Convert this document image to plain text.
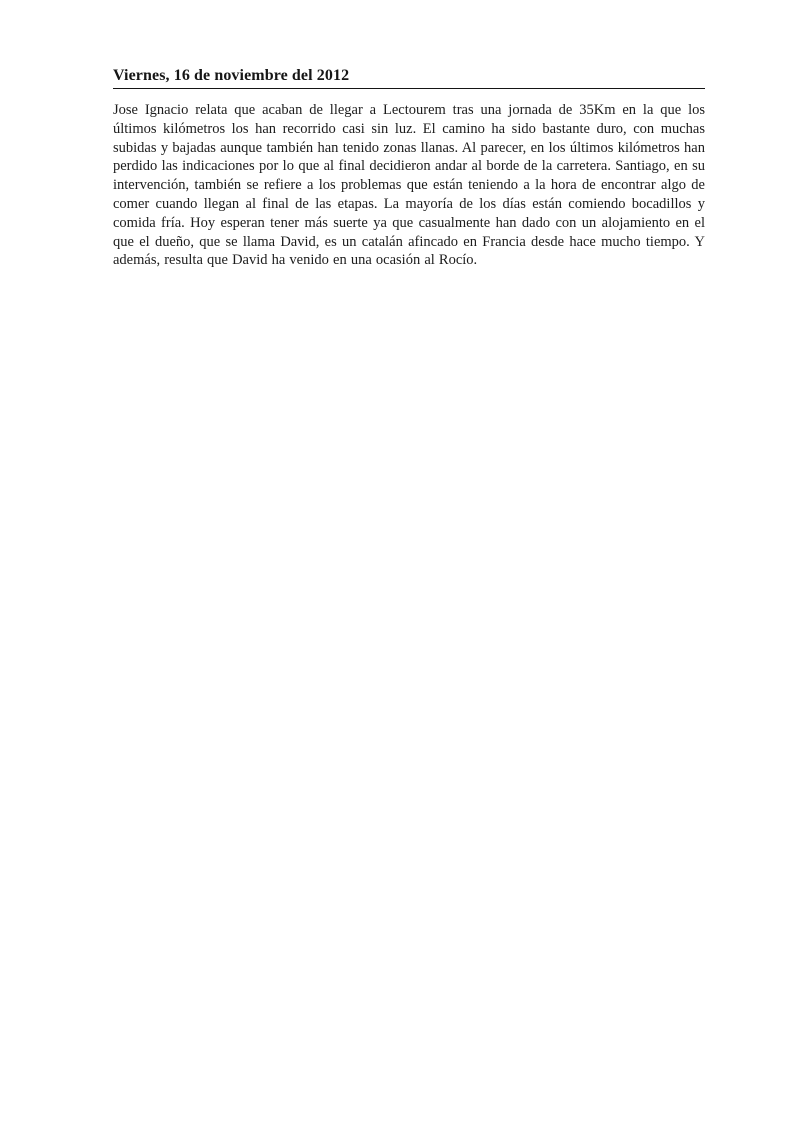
Viernes, 16 de noviembre del 2012

Jose Ignacio relata que acaban de llegar a Lectourem tras una jornada de 35Km en la que los últimos kilómetros los han recorrido casi sin luz. El camino ha sido bastante duro, con muchas subidas y bajadas aunque también han tenido zonas llanas. Al parecer, en los últimos kilómetros han perdido las indicaciones por lo que al final decidieron andar al borde de la carretera. Santiago, en su intervención, también se refiere a los problemas que están teniendo a la hora de encontrar algo de comer cuando llegan al final de las etapas. La mayoría de los días están comiendo bocadillos y comida fría. Hoy esperan tener más suerte ya que casualmente han dado con un alojamiento en el que el dueño, que se llama David, es un catalán afincado en Francia desde hace mucho tiempo. Y además, resulta que David ha venido en una ocasión al Rocío.
